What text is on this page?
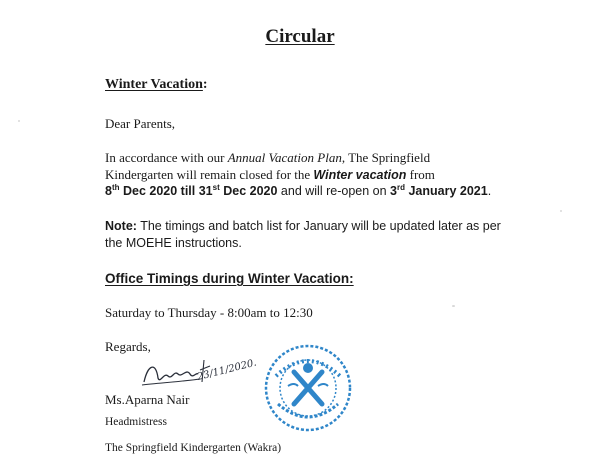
Circular
Winter Vacation:
Dear Parents,
In accordance with our Annual Vacation Plan, The Springfield
Kindergarten will remain closed for the Winter vacation from
8th Dec 2020 till 31st Dec 2020 and will re-open on 3rd January 2021.
Note: The timings and batch list for January will be updated later as per
the MOEHE instructions.
Office Timings during Winter Vacation:
Saturday to Thursday - 8:00am to 12:30
Regards,
23/11/2020.
Ms.Aparna Nair
Headmistress
The Springfield Kindergarten (Wakra)
